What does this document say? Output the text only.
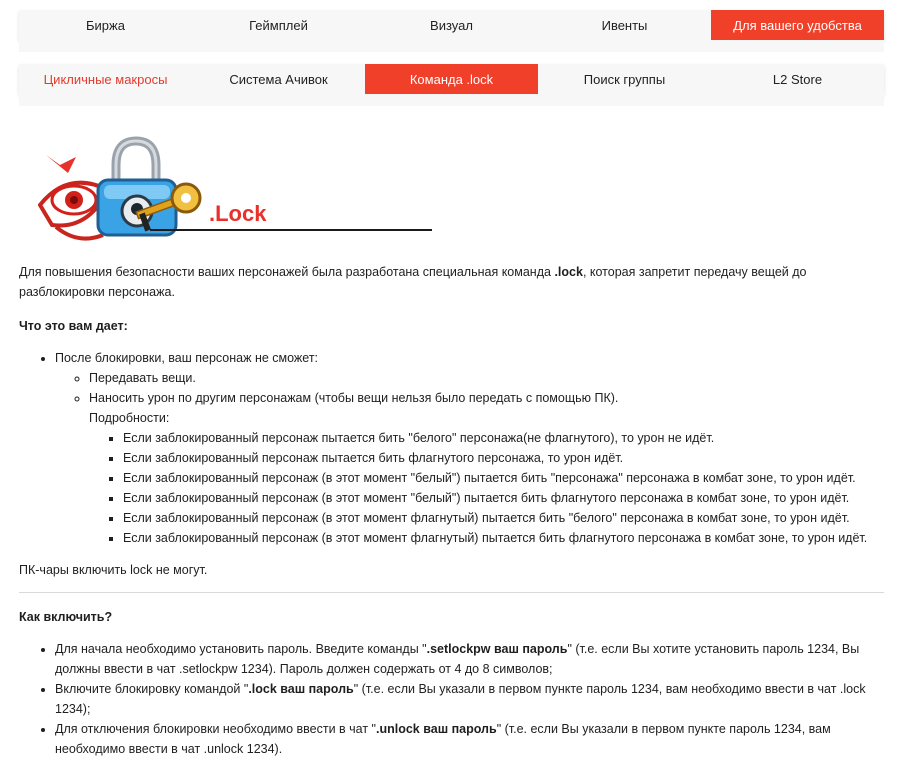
Биржа	Геймплей	Визуал	Ивенты	Для вашего удобства
Цикличные макросы	Система Ачивок	Команда .lock	Поиск группы	L2 Store
.Lock

Для повышения безопасности ваших персонажей была разработана специальная команда .lock, которая запретит передачу вещей до разблокировки персонажа.

Что это вам дает:

• После блокировки, ваш персонаж не сможет:
◦ Передавать вещи.
◦ Наносить урон по другим персонажам (чтобы вещи нельзя было передать с помощью ПК).
Подробности:
▪ Если заблокированный персонаж пытается бить "белого" персонажа(не флагнутого), то урон не идёт.
▪ Если заблокированный персонаж пытается бить флагнутого персонажа, то урон идёт.
▪ Если заблокированный персонаж (в этот момент "белый") пытается бить "персонажа" персонажа в комбат зоне, то урон идёт.
▪ Если заблокированный персонаж (в этот момент "белый") пытается бить флагнутого персонажа в комбат зоне, то урон идёт.
▪ Если заблокированный персонаж (в этот момент флагнутый) пытается бить "белого" персонажа в комбат зоне, то урон идёт.
▪ Если заблокированный персонаж (в этот момент флагнутый) пытается бить флагнутого персонажа в комбат зоне, то урон идёт.

ПК-чары включить lock не могут.

Как включить?

• Для начала необходимо установить пароль. Введите команды ".setlockpw ваш пароль" (т.е. если Вы хотите установить пароль 1234, Вы должны ввести в чат .setlockpw 1234). Пароль должен содержать от 4 до 8 символов;
• Включите блокировку командой ".lock ваш пароль" (т.е. если Вы указали в первом пункте пароль 1234, вам необходимо ввести в чат .lock 1234);
• Для отключения блокировки необходимо ввести в чат ".unlock ваш пароль" (т.е. если Вы указали в первом пункте пароль 1234, вам необходимо ввести в чат .unlock 1234).
